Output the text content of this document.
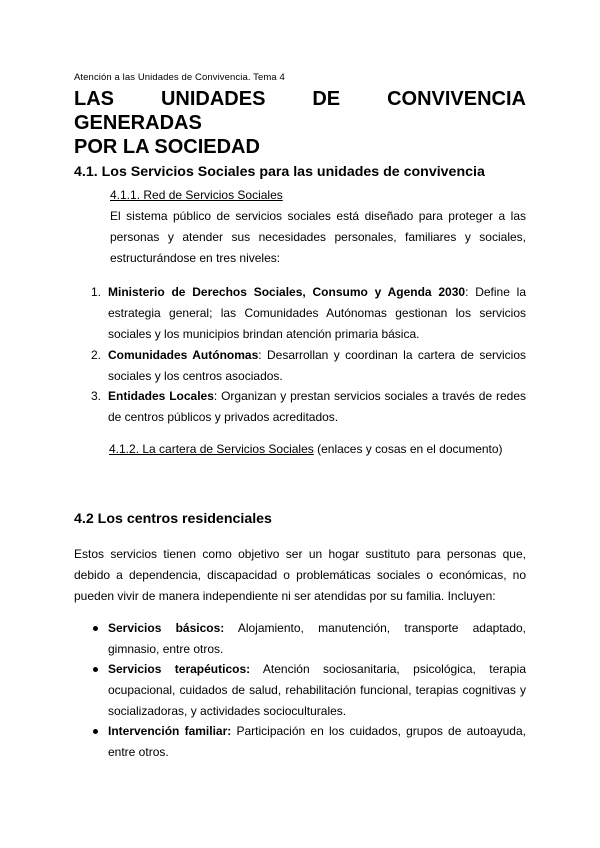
Atención a las Unidades de Convivencia. Tema 4
LAS UNIDADES DE CONVIVENCIA GENERADAS
POR LA SOCIEDAD
4.1. Los Servicios Sociales para las unidades de convivencia
4.1.1. Red de Servicios Sociales

El sistema público de servicios sociales está diseñado para proteger a las
personas y atender sus necesidades personales, familiares y sociales,
estructurándose en tres niveles:

1. Ministerio de Derechos Sociales, Consumo y Agenda 2030: Define la
estrategia general; las Comunidades Autónomas gestionan los servicios
sociales y los municipios brindan atención primaria básica.
2. Comunidades Autónomas: Desarrollan y coordinan la cartera de servicios
sociales y los centros asociados.
3. Entidades Locales: Organizan y prestan servicios sociales a través de redes
de centros públicos y privados acreditados.
4.1.2. La cartera de Servicios Sociales (enlaces y cosas en el documento)
4.2 Los centros residenciales

Estos servicios tienen como objetivo ser un hogar sustituto para personas que,
debido a dependencia, discapacidad o problemáticas sociales o económicas, no
pueden vivir de manera independiente ni ser atendidas por su familia. Incluyen:

Servicios básicos: Alojamiento, manutención, transporte adaptado,
gimnasio, entre otros.
Servicios terapéuticos: Atención sociosanitaria, psicológica, terapia
ocupacional, cuidados de salud, rehabilitación funcional, terapias cognitivas y
socializadoras, y actividades socioculturales.
Intervención familiar: Participación en los cuidados, grupos de autoayuda,
entre otros.
